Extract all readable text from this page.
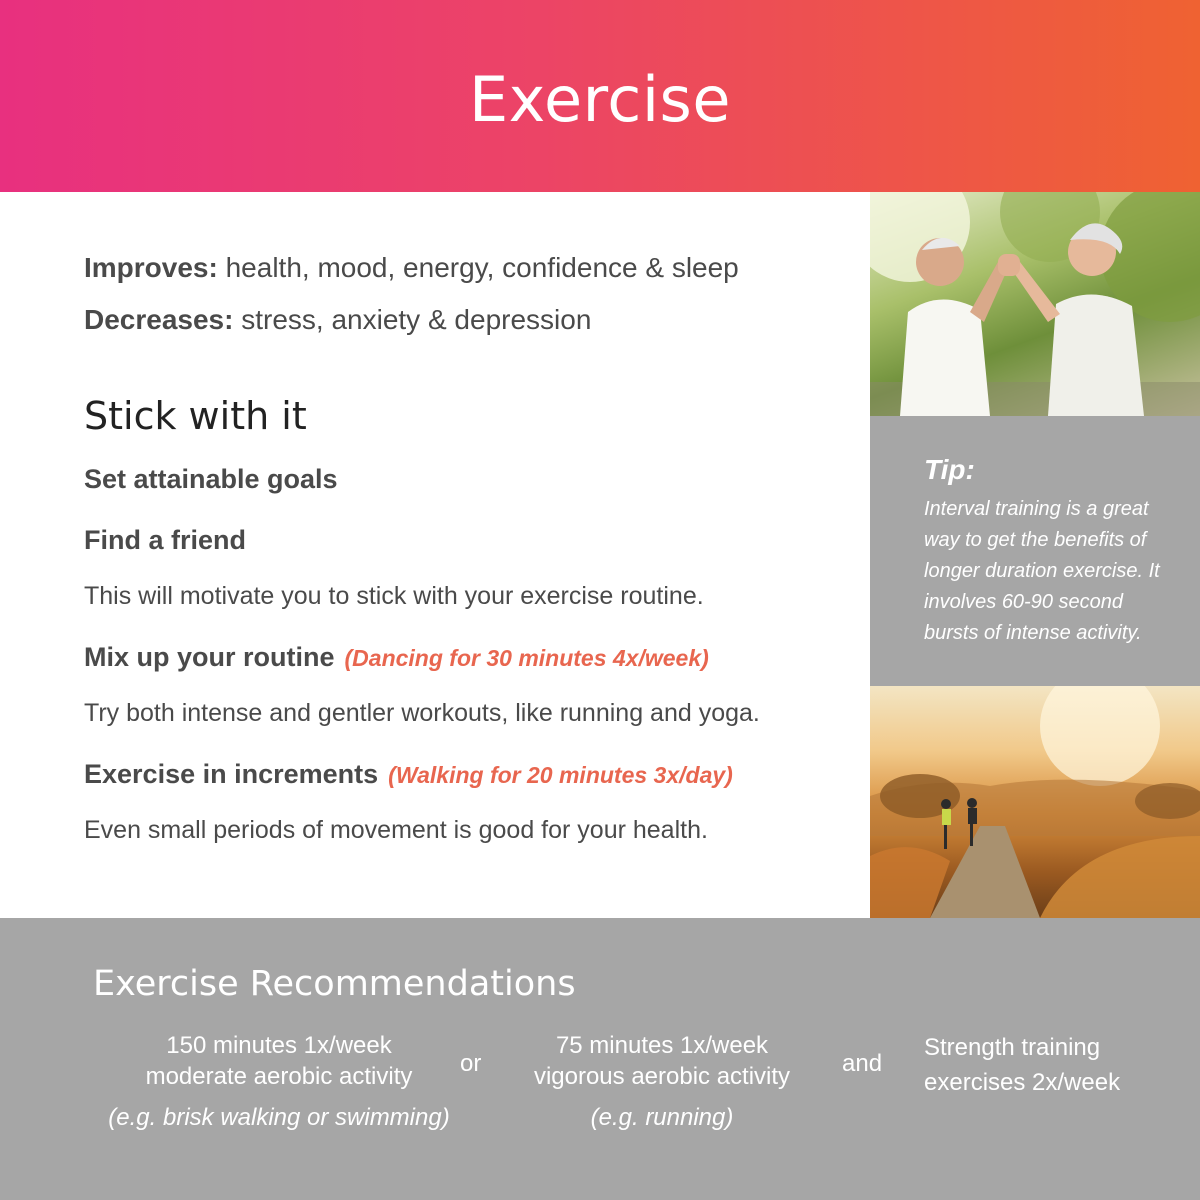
Exercise
Improves: health, mood, energy, confidence & sleep
Decreases: stress, anxiety & depression
Stick with it
Set attainable goals
Find a friend
This will motivate you to stick with your exercise routine.
Mix up your routine (Dancing for 30 minutes 4x/week)
Try both intense and gentler workouts, like running and yoga.
Exercise in increments (Walking for 20 minutes 3x/day)
Even small periods of movement is good for your health.
Tip:
Interval training is a great way to get the benefits of longer duration exercise. It involves 60-90 second bursts of intense activity.
Exercise Recommendations
150 minutes 1x/week
moderate aerobic activity
(e.g. brisk walking or swimming)
or
75 minutes 1x/week
vigorous aerobic activity
(e.g. running)
and
Strength training
exercises 2x/week
